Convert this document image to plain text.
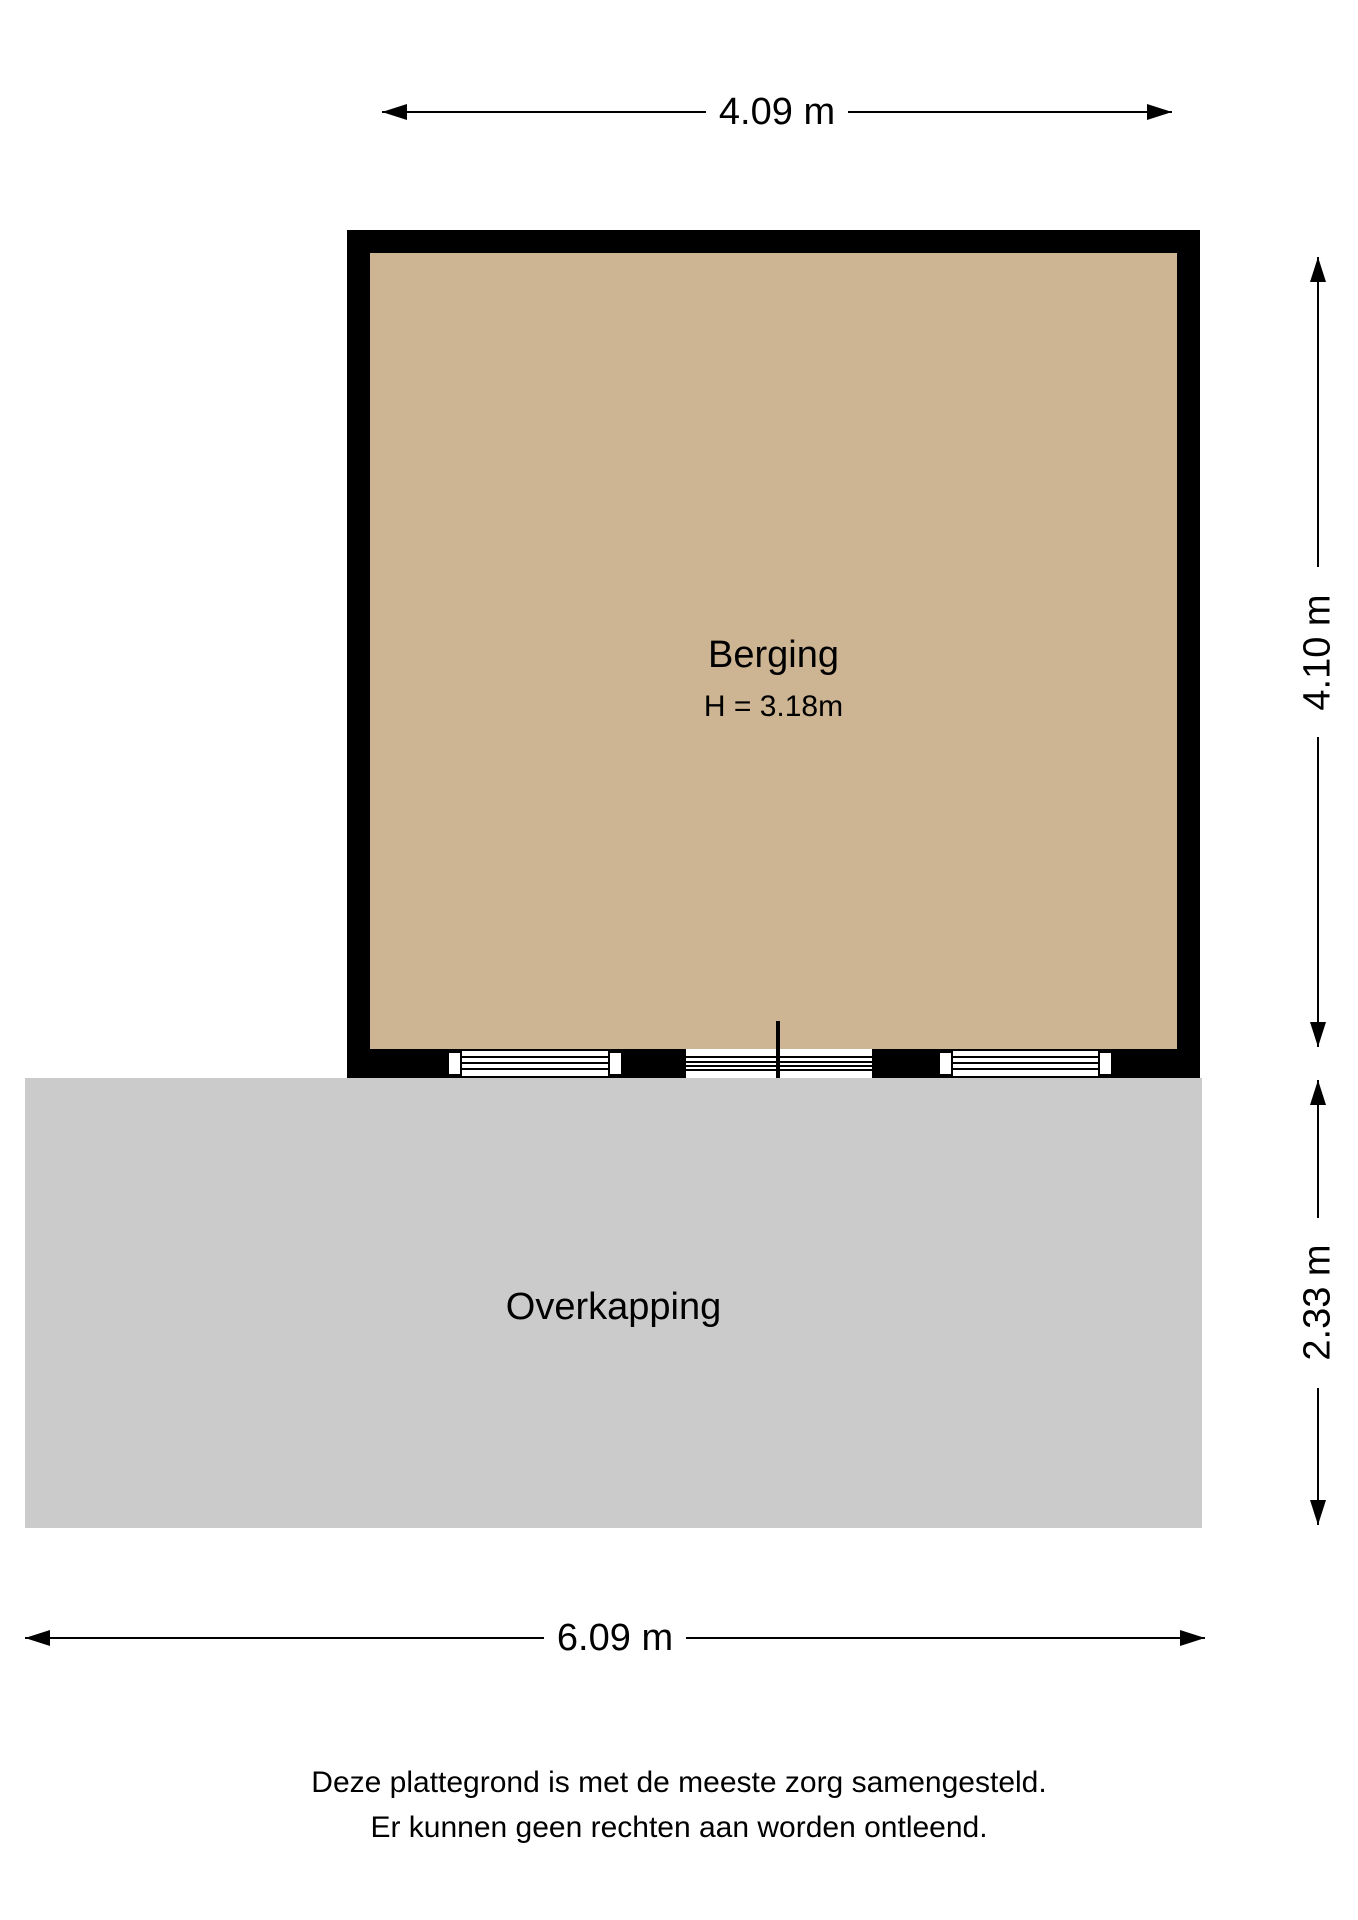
4.09 m
Berging
H = 3.18m
Overkapping
4.10 m
2.33 m
6.09 m
Deze plattegrond is met de meeste zorg samengesteld.
Er kunnen geen rechten aan worden ontleend.
